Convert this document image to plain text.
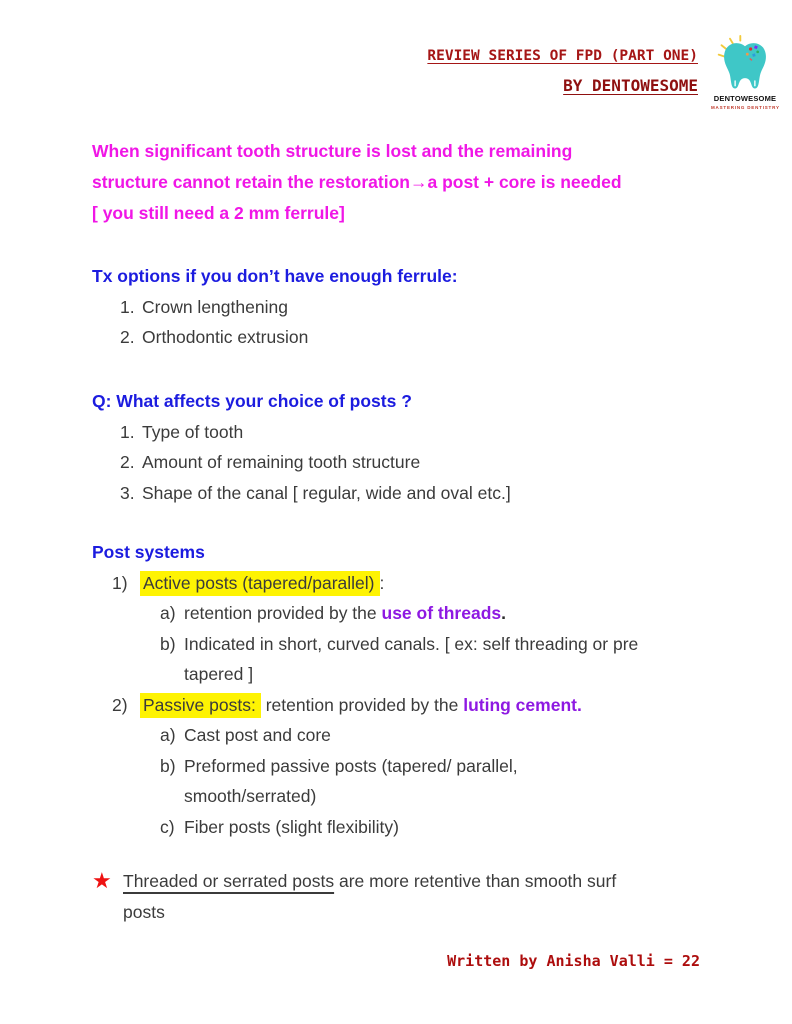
REVIEW SERIES OF FPD (PART ONE)
BY DENTOWESOME
DENTOWESOME
MASTERING DENTISTRY
When significant tooth structure is lost and the remaining
structure cannot retain the restoration→a post + core is needed
[ you still need a 2 mm ferrule]
Tx options if you don’t have enough ferrule:
1. Crown lengthening
2. Orthodontic extrusion
Q: What affects your choice of posts ?
1. Type of tooth
2. Amount of remaining tooth structure
3. Shape of the canal [ regular, wide and oval etc.]
Post systems
1) Active posts (tapered/parallel) :
a) retention provided by the use of threads.
b) Indicated in short, curved canals. [ ex: self threading or pre
tapered ]
2) Passive posts: retention provided by the luting cement.
a) Cast post and core
b) Preformed passive posts (tapered/ parallel,
smooth/serrated)
c) Fiber posts (slight flexibility)
★ Threaded or serrated posts are more retentive than smooth surf
posts
Written by Anisha Valli = 22
